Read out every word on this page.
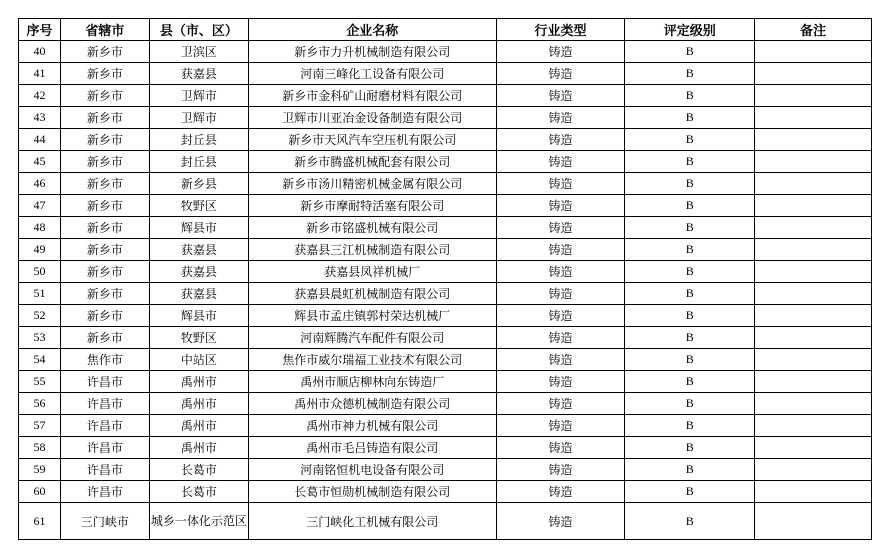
序号	省辖市	县（市、区）	企业名称	行业类型	评定级别	备注
40	新乡市	卫滨区	新乡市力升机械制造有限公司	铸造	B	
41	新乡市	获嘉县	河南三峰化工设备有限公司	铸造	B	
42	新乡市	卫辉市	新乡市金科矿山耐磨材料有限公司	铸造	B	
43	新乡市	卫辉市	卫辉市川亚冶金设备制造有限公司	铸造	B	
44	新乡市	封丘县	新乡市天风汽车空压机有限公司	铸造	B	
45	新乡市	封丘县	新乡市腾盛机械配套有限公司	铸造	B	
46	新乡市	新乡县	新乡市汤川精密机械金属有限公司	铸造	B	
47	新乡市	牧野区	新乡市摩耐特活塞有限公司	铸造	B	
48	新乡市	辉县市	新乡市铭盛机械有限公司	铸造	B	
49	新乡市	获嘉县	获嘉县三江机械制造有限公司	铸造	B	
50	新乡市	获嘉县	获嘉县凤祥机械厂	铸造	B	
51	新乡市	获嘉县	获嘉县晨虹机械制造有限公司	铸造	B	
52	新乡市	辉县市	辉县市孟庄镇郭村荣达机械厂	铸造	B	
53	新乡市	牧野区	河南辉腾汽车配件有限公司	铸造	B	
54	焦作市	中站区	焦作市威尔瑞福工业技术有限公司	铸造	B	
55	许昌市	禹州市	禹州市顺店柳林向东铸造厂	铸造	B	
56	许昌市	禹州市	禹州市众德机械制造有限公司	铸造	B	
57	许昌市	禹州市	禹州市神力机械有限公司	铸造	B	
58	许昌市	禹州市	禹州市毛吕铸造有限公司	铸造	B	
59	许昌市	长葛市	河南铭恒机电设备有限公司	铸造	B	
60	许昌市	长葛市	长葛市恒勋机械制造有限公司	铸造	B	
61	三门峡市	城乡一体化示范区	三门峡化工机械有限公司	铸造	B	
